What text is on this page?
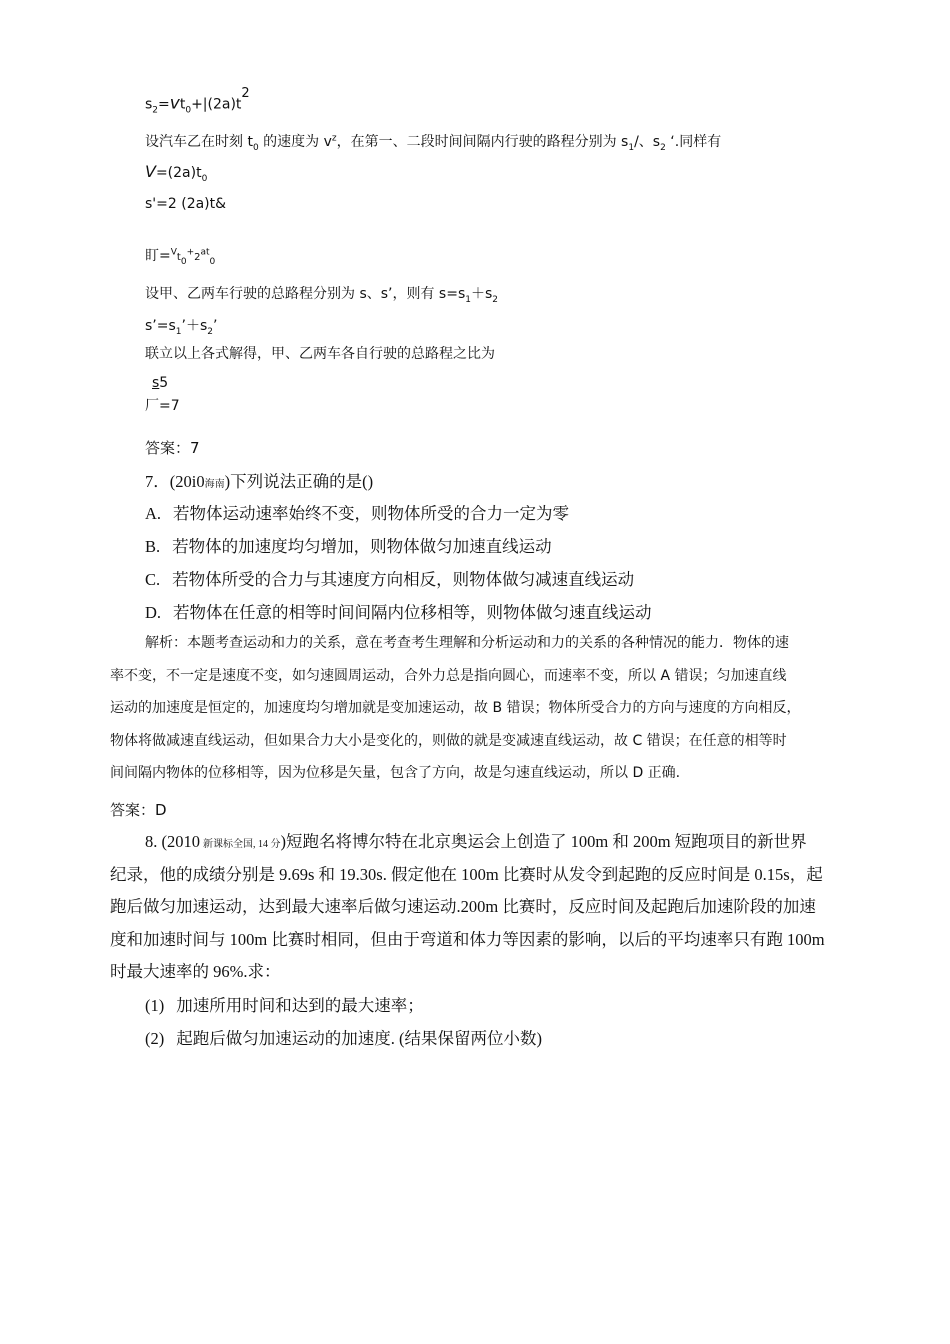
$s_2=vt_0+|(2a)t^2$
设汽车乙在时刻 $t_0$ 的速度为 $v^z$，在第一、二段时间间隔内行驶的路程分别为 $s_1/$、$s_2$ ‘.同样有
$V=(2a)t_0$
s'=2 (2a)t&
盯$=^Vt_0^+2^{at}_0$
设甲、乙两车行驶的总路程分别为 s、s’，则有 $s=s_1+s_2$
$s’=s_1’+s_2$’
联立以上各式解得，甲、乙两车各自行驶的总路程之比为
s5
厂=7
答案：7
7．(20i0海南)下列说法正确的是()
A. 若物体运动速率始终不变，则物体所受的合力一定为零
B. 若物体的加速度均匀增加，则物体做匀加速直线运动
C. 若物体所受的合力与其速度方向相反，则物体做匀减速直线运动
D. 若物体在任意的相等时间间隔内位移相等，则物体做匀速直线运动
解析：本题考查运动和力的关系，意在考查考生理解和分析运动和力的关系的各种情况的能力．物体的速
率不变，不一定是速度不变，如匀速圆周运动，合外力总是指向圆心，而速率不变，所以 A 错误；匀加速直线
运动的加速度是恒定的，加速度均匀增加就是变加速运动，故 B 错误；物体所受合力的方向与速度的方向相反，
物体将做减速直线运动，但如果合力大小是变化的，则做的就是变减速直线运动，故 C 错误；在任意的相等时
间间隔内物体的位移相等，因为位移是矢量，包含了方向，故是匀速直线运动，所以 D 正确.
答案：D
8. (2010 新课标全国, 14 分)短跑名将博尔特在北京奥运会上创造了 100m 和 200m 短跑项目的新世界
纪录，他的成绩分别是 9.69s 和 19.30s. 假定他在 100m 比赛时从发令到起跑的反应时间是 0.15s，起
跑后做匀加速运动，达到最大速率后做匀速运动.200m 比赛时，反应时间及起跑后加速阶段的加速
度和加速时间与 100m 比赛时相同，但由于弯道和体力等因素的影响，以后的平均速率只有跑 100m
时最大速率的 96%.求：
(1) 加速所用时间和达到的最大速率；
(2) 起跑后做匀加速运动的加速度. (结果保留两位小数)
